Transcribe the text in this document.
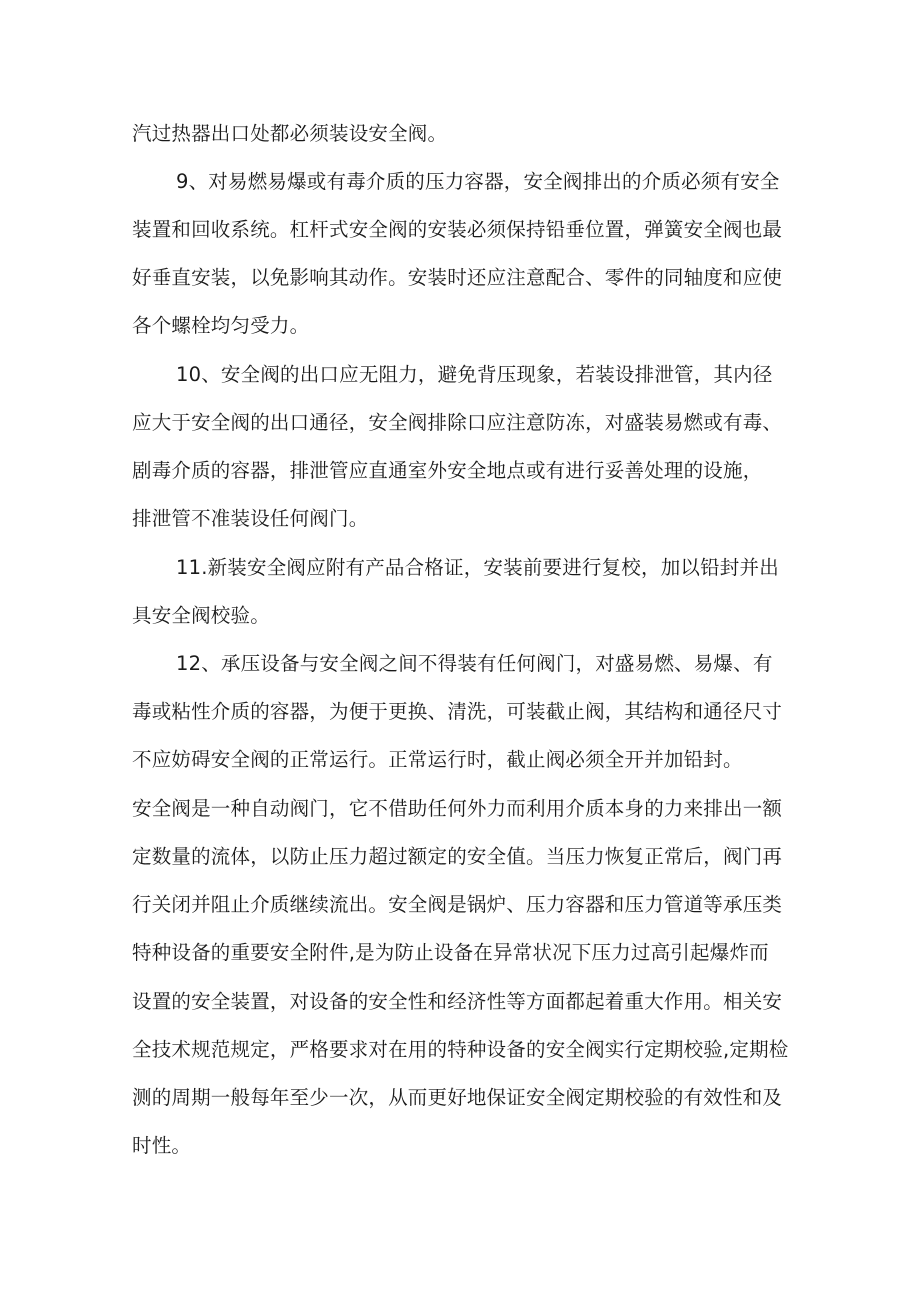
汽过热器出口处都必须装设安全阀。

9、对易燃易爆或有毒介质的压力容器，安全阀排出的介质必须有安全

装置和回收系统。杠杆式安全阀的安装必须保持铅垂位置，弹簧安全阀也最

好垂直安装，以免影响其动作。安装时还应注意配合、零件的同轴度和应使

各个螺栓均匀受力。

10、安全阀的出口应无阻力，避免背压现象，若装设排泄管，其内径

应大于安全阀的出口通径，安全阀排除口应注意防冻，对盛装易燃或有毒、

剧毒介质的容器，排泄管应直通室外安全地点或有进行妥善处理的设施，

排泄管不准装设任何阀门。

11.新装安全阀应附有产品合格证，安装前要进行复校，加以铅封并出

具安全阀校验。

12、承压设备与安全阀之间不得装有任何阀门，对盛易燃、易爆、有

毒或粘性介质的容器，为便于更换、清洗，可装截止阀，其结构和通径尺寸

不应妨碍安全阀的正常运行。正常运行时，截止阀必须全开并加铅封。

安全阀是一种自动阀门，它不借助任何外力而利用介质本身的力来排出一额

定数量的流体，以防止压力超过额定的安全值。当压力恢复正常后，阀门再

行关闭并阻止介质继续流出。安全阀是锅炉、压力容器和压力管道等承压类

特种设备的重要安全附件,是为防止设备在异常状况下压力过高引起爆炸而

设置的安全装置，对设备的安全性和经济性等方面都起着重大作用。相关安

全技术规范规定，严格要求对在用的特种设备的安全阀实行定期校验,定期检

测的周期一般每年至少一次，从而更好地保证安全阀定期校验的有效性和及

时性。
